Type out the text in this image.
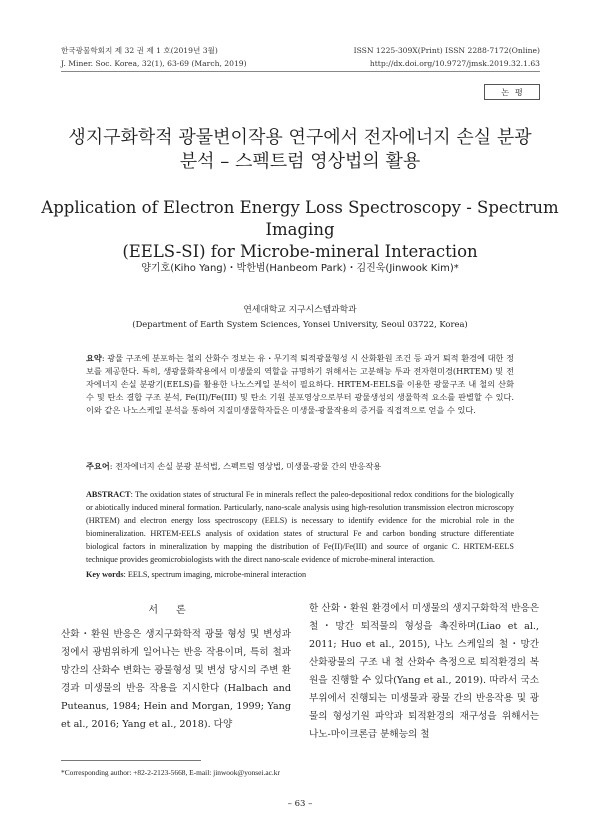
한국광물학회지 제 32 권 제 1 호(2019년 3월)
J. Miner. Soc. Korea, 32(1), 63-69 (March, 2019)
ISSN 1225-309X(Print) ISSN 2288-7172(Online)
http://dx.doi.org/10.9727/jmsk.2019.32.1.63
논평
생지구화학적 광물변이작용 연구에서 전자에너지 손실 분광
분석 – 스펙트럼 영상법의 활용
Application of Electron Energy Loss Spectroscopy - Spectrum Imaging
(EELS-SI) for Microbe-mineral Interaction
양기호(Kiho Yang)・박한범(Hanbeom Park)・김진욱(Jinwook Kim)*
연세대학교 지구시스템과학과
(Department of Earth System Sciences, Yonsei University, Seoul 03722, Korea)
요약: 광물 구조에 분포하는 철의 산화수 정보는 유・무기적 퇴적광물형성 시 산화환원 조건 등 과거 퇴적 환경에 대한 정보를 제공한다. 특히, 생광물화작용에서 미생물의 역할을 규명하기 위해서는 고분해능 투과 전자현미경(HRTEM) 및 전자에너지 손실 분광기(EELS)를 활용한 나노스케일 분석이 필요하다. HRTEM-EELS를 이용한 광물구조 내 철의 산화수 및 탄소 결합 구조 분석, Fe(II)/Fe(III) 및 탄소 기원 분포영상으로부터 광물생성의 생물학적 요소를 판별할 수 있다. 이와 같은 나노스케일 분석을 통하여 지질미생물학자들은 미생물-광물작용의 증거를 직접적으로 얻을 수 있다.
주요어: 전자에너지 손실 분광 분석법, 스펙트럼 영상법, 미생물-광물 간의 반응작용
ABSTRACT: The oxidation states of structural Fe in minerals reflect the paleo-depositional redox conditions for the biologically or abiotically induced mineral formation. Particularly, nano-scale analysis using high-resolution transmission electron microscopy (HRTEM) and electron energy loss spectroscopy (EELS) is necessary to identify evidence for the microbial role in the biomineralization. HRTEM-EELS analysis of oxidation states of structural Fe and carbon bonding structure differentiate biological factors in mineralization by mapping the distribution of Fe(II)/Fe(III) and source of organic C. HRTEM-EELS technique provides geomicrobiologists with the direct nano-scale evidence of microbe-mineral interaction.
Key words: EELS, spectrum imaging, microbe-mineral interaction
서론
산화・환원 반응은 생지구화학적 광물 형성 및 변성과정에서 광범위하게 일어나는 반응 작용이며, 특히 철과 망간의 산화수 변화는 광물형성 및 변성 당시의 주변 환경과 미생물의 반응 작용을 지시한다 (Halbach and Puteanus, 1984; Hein and Morgan, 1999; Yang et al., 2016; Yang et al., 2018). 다양
한 산화・환원 환경에서 미생물의 생지구화학적 반응은 철・망간 퇴적물의 형성을 촉진하며(Liao et al., 2011; Huo et al., 2015), 나노 스케일의 철・망간 산화광물의 구조 내 철 산화수 측정으로 퇴적환경의 복원을 진행할 수 있다(Yang et al., 2019). 따라서 국소 부위에서 진행되는 미생물과 광물 간의 반응작용 및 광물의 형성기원 파악과 퇴적환경의 재구성을 위해서는 나노-마이크론급 분해능의 철
*Corresponding author: +82-2-2123-5668, E-mail: jinwook@yonsei.ac.kr
– 63 –
